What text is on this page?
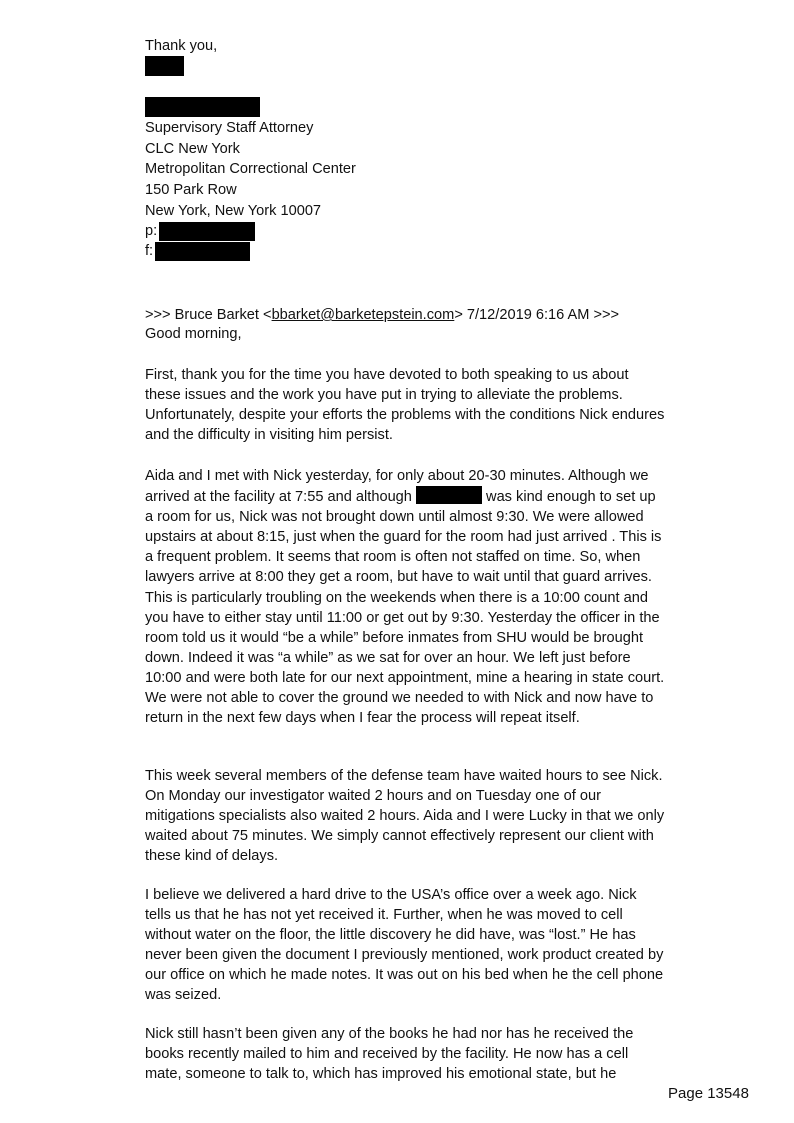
Thank you,
Supervisory Staff Attorney
CLC New York
Metropolitan Correctional Center
150 Park Row
New York, New York 10007
p:
f:
>>> Bruce Barket <bbarket@barketepstein.com> 7/12/2019 6:16 AM >>>
Good morning,

First, thank you for the time you have devoted to both speaking to us about these issues and the work you have put in trying to alleviate the problems. Unfortunately, despite your efforts the problems with the conditions Nick endures and the difficulty in visiting him persist.

Aida and I met with Nick yesterday, for only about 20-30 minutes. Although we arrived at the facility at 7:55 and although	was kind enough to set up a room for us, Nick was not brought down until almost 9:30. We were allowed upstairs at about 8:15, just when the guard for the room had just arrived . This is a frequent problem. It seems that room is often not staffed on time. So, when lawyers arrive at 8:00 they get a room, but have to wait until that guard arrives. This is particularly troubling on the weekends when there is a 10:00 count and you have to either stay until 11:00 or get out by 9:30. Yesterday the officer in the room told us it would “be a while” before inmates from SHU would be brought down. Indeed it was “a while” as we sat for over an hour. We left just before 10:00 and were both late for our next appointment, mine a hearing in state court. We were not able to cover the ground we needed to with Nick and now have to return in the next few days when I fear the process will repeat itself.

This week several members of the defense team have waited hours to see Nick. On Monday our investigator waited 2 hours and on Tuesday one of our mitigations specialists also waited 2 hours. Aida and I were Lucky in that we only waited about 75 minutes. We simply cannot effectively represent our client with these kind of delays.

I believe we delivered a hard drive to the USA’s office over a week ago. Nick tells us that he has not yet received it. Further, when he was moved to cell without water on the floor, the little discovery he did have, was “lost.” He has never been given the document I previously mentioned, work product created by our office on which he made notes. It was out on his bed when he the cell phone was seized.

Nick still hasn’t been given any of the books he had nor has he received the books recently mailed to him and received by the facility. He now has a cell mate, someone to talk to, which has improved his emotional state, but he

Page 13548
